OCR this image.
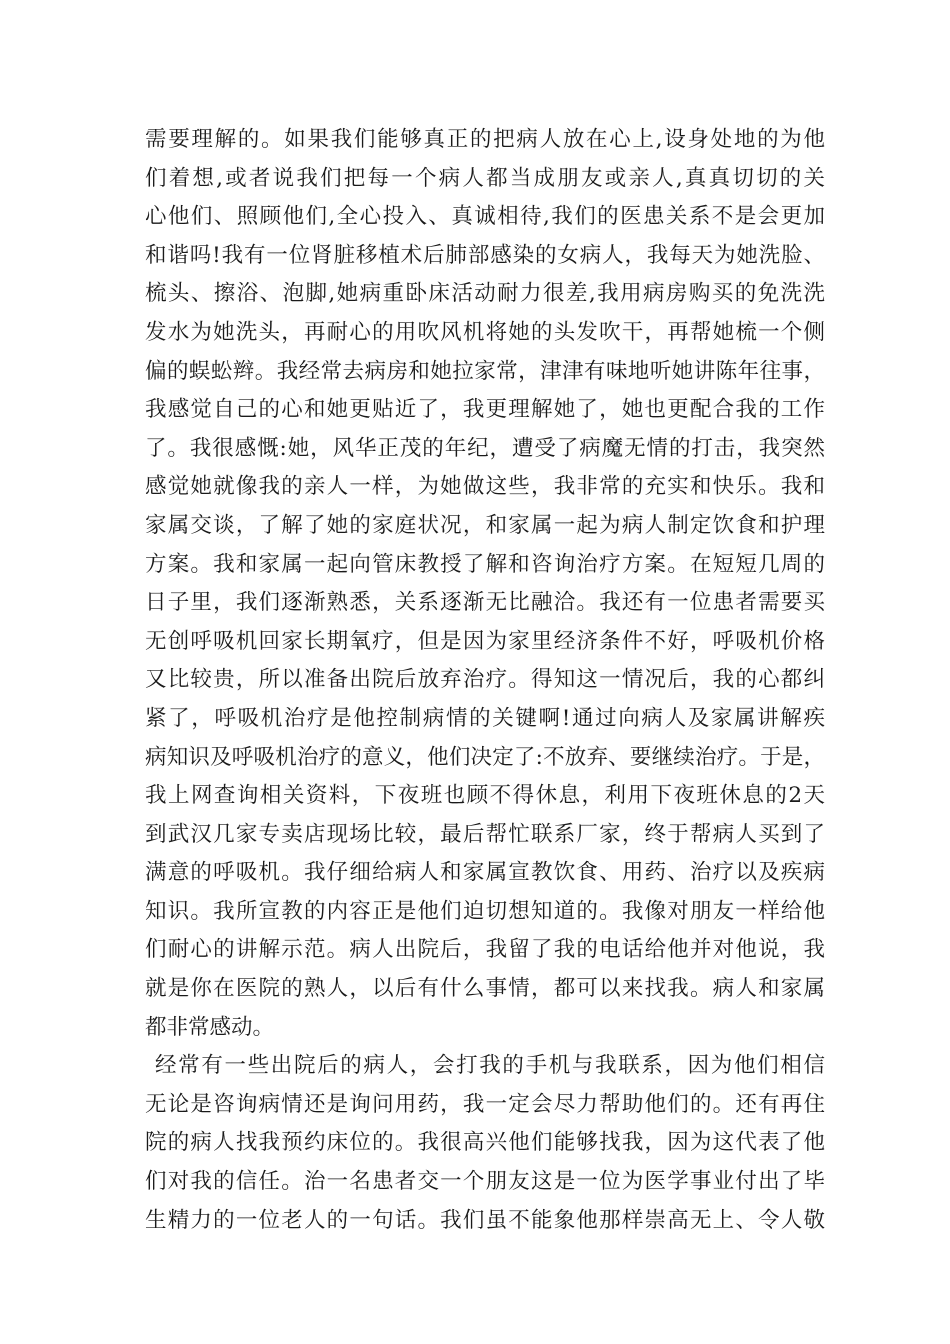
需要理解的。如果我们能够真正的把病人放在心上,设身处地的为他
们着想,或者说我们把每一个病人都当成朋友或亲人,真真切切的关
心他们、照顾他们,全心投入、真诚相待,我们的医患关系不是会更加
和谐吗!我有一位肾脏移植术后肺部感染的女病人，我每天为她洗脸、
梳头、擦浴、泡脚,她病重卧床活动耐力很差,我用病房购买的免洗洗
发水为她洗头，再耐心的用吹风机将她的头发吹干，再帮她梳一个侧
偏的蜈蚣辫。我经常去病房和她拉家常，津津有味地听她讲陈年往事，
我感觉自己的心和她更贴近了，我更理解她了，她也更配合我的工作
了。我很感慨:她，风华正茂的年纪，遭受了病魔无情的打击，我突然
感觉她就像我的亲人一样，为她做这些，我非常的充实和快乐。我和
家属交谈，了解了她的家庭状况，和家属一起为病人制定饮食和护理
方案。我和家属一起向管床教授了解和咨询治疗方案。在短短几周的
日子里，我们逐渐熟悉，关系逐渐无比融洽。我还有一位患者需要买
无创呼吸机回家长期氧疗，但是因为家里经济条件不好，呼吸机价格
又比较贵，所以准备出院后放弃治疗。得知这一情况后，我的心都纠
紧了，呼吸机治疗是他控制病情的关键啊!通过向病人及家属讲解疾
病知识及呼吸机治疗的意义，他们决定了:不放弃、要继续治疗。于是，
我上网查询相关资料，下夜班也顾不得休息，利用下夜班休息的2天
到武汉几家专卖店现场比较，最后帮忙联系厂家，终于帮病人买到了
满意的呼吸机。我仔细给病人和家属宣教饮食、用药、治疗以及疾病
知识。我所宣教的内容正是他们迫切想知道的。我像对朋友一样给他
们耐心的讲解示范。病人出院后，我留了我的电话给他并对他说，我
就是你在医院的熟人，以后有什么事情，都可以来找我。病人和家属
都非常感动。
经常有一些出院后的病人，会打我的手机与我联系，因为他们相信
无论是咨询病情还是询问用药，我一定会尽力帮助他们的。还有再住
院的病人找我预约床位的。我很高兴他们能够找我，因为这代表了他
们对我的信任。治一名患者交一个朋友这是一位为医学事业付出了毕
生精力的一位老人的一句话。我们虽不能象他那样崇高无上、令人敬
